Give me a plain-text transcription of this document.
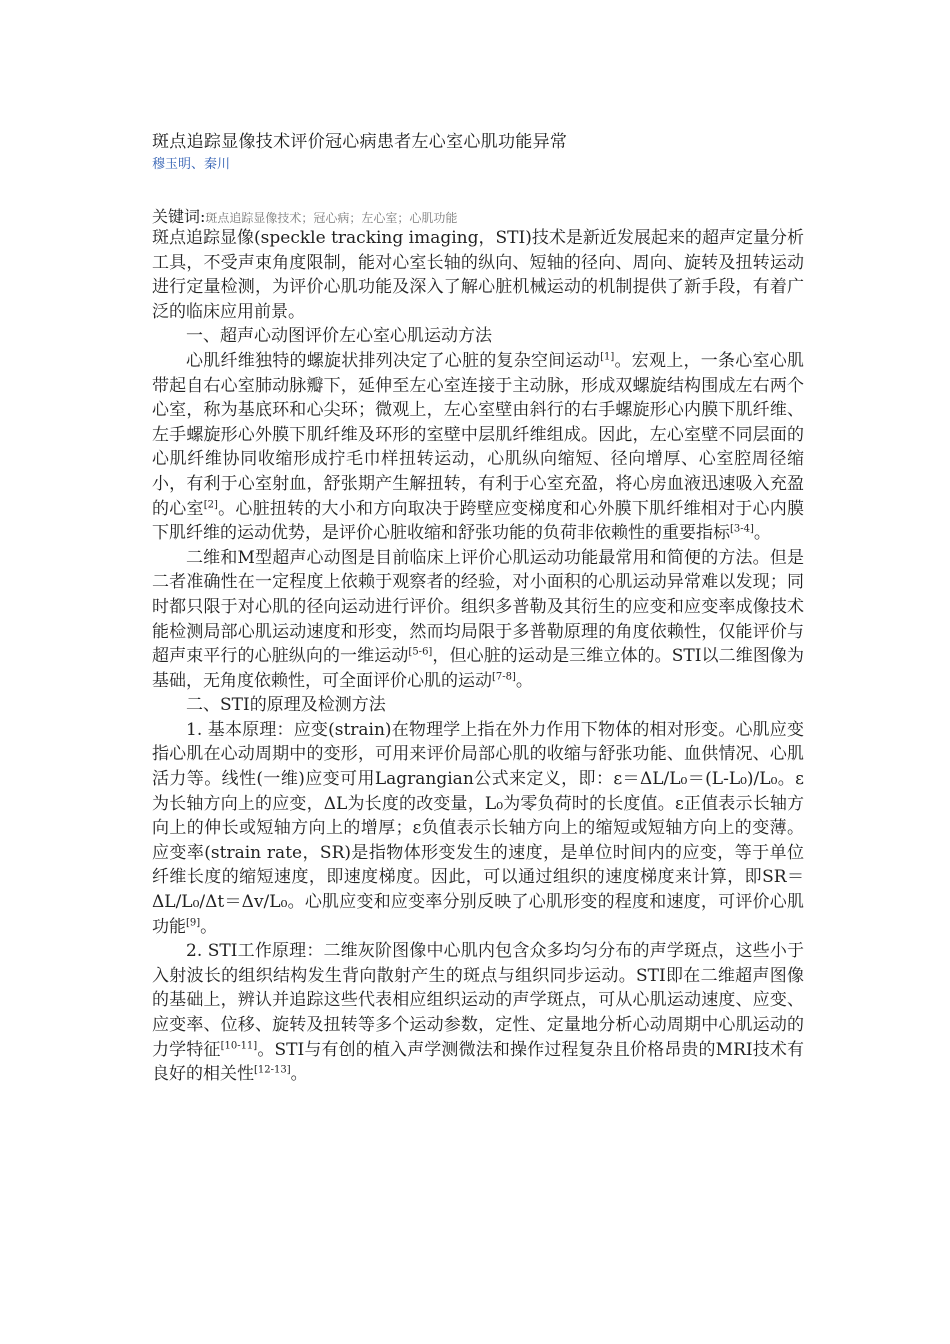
斑点追踪显像技术评价冠心病患者左心室心肌功能异常
穆玉明、秦川
关键词:斑点追踪显像技术；冠心病；左心室；心肌功能

斑点追踪显像(speckle tracking imaging，STI)技术是新近发展起来的超声定量分析工具，不受声束角度限制，能对心室长轴的纵向、短轴的径向、周向、旋转及扭转运动进行定量检测，为评价心肌功能及深入了解心脏机械运动的机制提供了新手段，有着广泛的临床应用前景。

一、超声心动图评价左心室心肌运动方法

心肌纤维独特的螺旋状排列决定了心脏的复杂空间运动[1]。宏观上，一条心室心肌带起自右心室肺动脉瓣下，延伸至左心室连接于主动脉，形成双螺旋结构围成左右两个心室，称为基底环和心尖环；微观上，左心室壁由斜行的右手螺旋形心内膜下肌纤维、左手螺旋形心外膜下肌纤维及环形的室壁中层肌纤维组成。因此，左心室壁不同层面的心肌纤维协同收缩形成拧毛巾样扭转运动，心肌纵向缩短、径向增厚、心室腔周径缩小，有利于心室射血，舒张期产生解扭转，有利于心室充盈，将心房血液迅速吸入充盈的心室[2]。心脏扭转的大小和方向取决于跨壁应变梯度和心外膜下肌纤维相对于心内膜下肌纤维的运动优势，是评价心脏收缩和舒张功能的负荷非依赖性的重要指标[3-4]。

二维和M型超声心动图是目前临床上评价心肌运动功能最常用和简便的方法。但是二者准确性在一定程度上依赖于观察者的经验，对小面积的心肌运动异常难以发现；同时都只限于对心肌的径向运动进行评价。组织多普勒及其衍生的应变和应变率成像技术能检测局部心肌运动速度和形变，然而均局限于多普勒原理的角度依赖性，仅能评价与超声束平行的心脏纵向的一维运动[5-6]，但心脏的运动是三维立体的。STI以二维图像为基础，无角度依赖性，可全面评价心肌的运动[7-8]。

二、STI的原理及检测方法

1. 基本原理：应变(strain)在物理学上指在外力作用下物体的相对形变。心肌应变指心肌在心动周期中的变形，可用来评价局部心肌的收缩与舒张功能、血供情况、心肌活力等。线性(一维)应变可用Lagrangian公式来定义，即：ε＝ΔL/L₀＝(L-L₀)/L₀。ε为长轴方向上的应变，ΔL为长度的改变量，L₀为零负荷时的长度值。ε正值表示长轴方向上的伸长或短轴方向上的增厚；ε负值表示长轴方向上的缩短或短轴方向上的变薄。应变率(strain rate，SR)是指物体形变发生的速度，是单位时间内的应变，等于单位纤维长度的缩短速度，即速度梯度。因此，可以通过组织的速度梯度来计算，即SR＝ΔL/L₀/Δt＝Δv/L₀。心肌应变和应变率分别反映了心肌形变的程度和速度，可评价心肌功能[9]。

2. STI工作原理：二维灰阶图像中心肌内包含众多均匀分布的声学斑点，这些小于入射波长的组织结构发生背向散射产生的斑点与组织同步运动。STI即在二维超声图像的基础上，辨认并追踪这些代表相应组织运动的声学斑点，可从心肌运动速度、应变、应变率、位移、旋转及扭转等多个运动参数，定性、定量地分析心动周期中心肌运动的力学特征[10-11]。STI与有创的植入声学测微法和操作过程复杂且价格昂贵的MRI技术有良好的相关性[12-13]。
